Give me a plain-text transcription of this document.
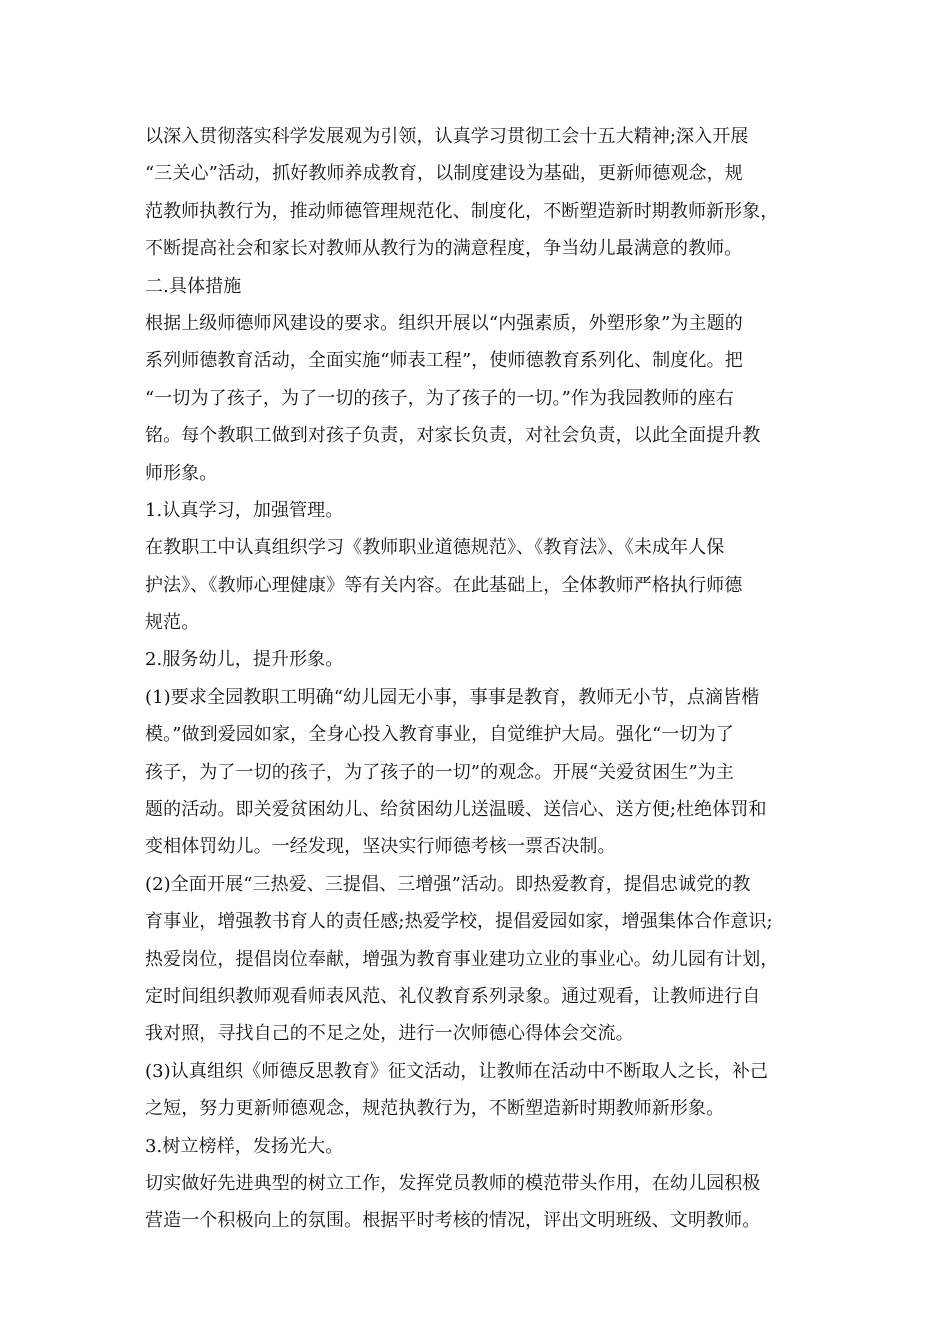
以深入贯彻落实科学发展观为引领，认真学习贯彻工会十五大精神;深入开展
“三关心”活动，抓好教师养成教育，以制度建设为基础，更新师德观念，规
范教师执教行为，推动师德管理规范化、制度化，不断塑造新时期教师新形象，
不断提高社会和家长对教师从教行为的满意程度，争当幼儿最满意的教师。
二.具体措施
根据上级师德师风建设的要求。组织开展以“内强素质，外塑形象”为主题的
系列师德教育活动，全面实施“师表工程”，使师德教育系列化、制度化。把
“一切为了孩子，为了一切的孩子，为了孩子的一切。”作为我园教师的座右
铭。每个教职工做到对孩子负责，对家长负责，对社会负责，以此全面提升教
师形象。
1.认真学习，加强管理。
在教职工中认真组织学习《教师职业道德规范》、《教育法》、《未成年人保
护法》、《教师心理健康》等有关内容。在此基础上，全体教师严格执行师德
规范。
2.服务幼儿，提升形象。
(1)要求全园教职工明确“幼儿园无小事，事事是教育，教师无小节，点滴皆楷
模。”做到爱园如家，全身心投入教育事业，自觉维护大局。强化“一切为了
孩子，为了一切的孩子，为了孩子的一切”的观念。开展“关爱贫困生”为主
题的活动。即关爱贫困幼儿、给贫困幼儿送温暖、送信心、送方便;杜绝体罚和
变相体罚幼儿。一经发现，坚决实行师德考核一票否决制。
(2)全面开展“三热爱、三提倡、三增强”活动。即热爱教育，提倡忠诚党的教
育事业，增强教书育人的责任感;热爱学校，提倡爱园如家，增强集体合作意识;
热爱岗位，提倡岗位奉献，增强为教育事业建功立业的事业心。幼儿园有计划，
定时间组织教师观看师表风范、礼仪教育系列录象。通过观看，让教师进行自
我对照，寻找自己的不足之处，进行一次师德心得体会交流。
(3)认真组织《师德反思教育》征文活动，让教师在活动中不断取人之长，补己
之短，努力更新师德观念，规范执教行为，不断塑造新时期教师新形象。
3.树立榜样，发扬光大。
切实做好先进典型的树立工作，发挥党员教师的模范带头作用，在幼儿园积极
营造一个积极向上的氛围。根据平时考核的情况，评出文明班级、文明教师。
